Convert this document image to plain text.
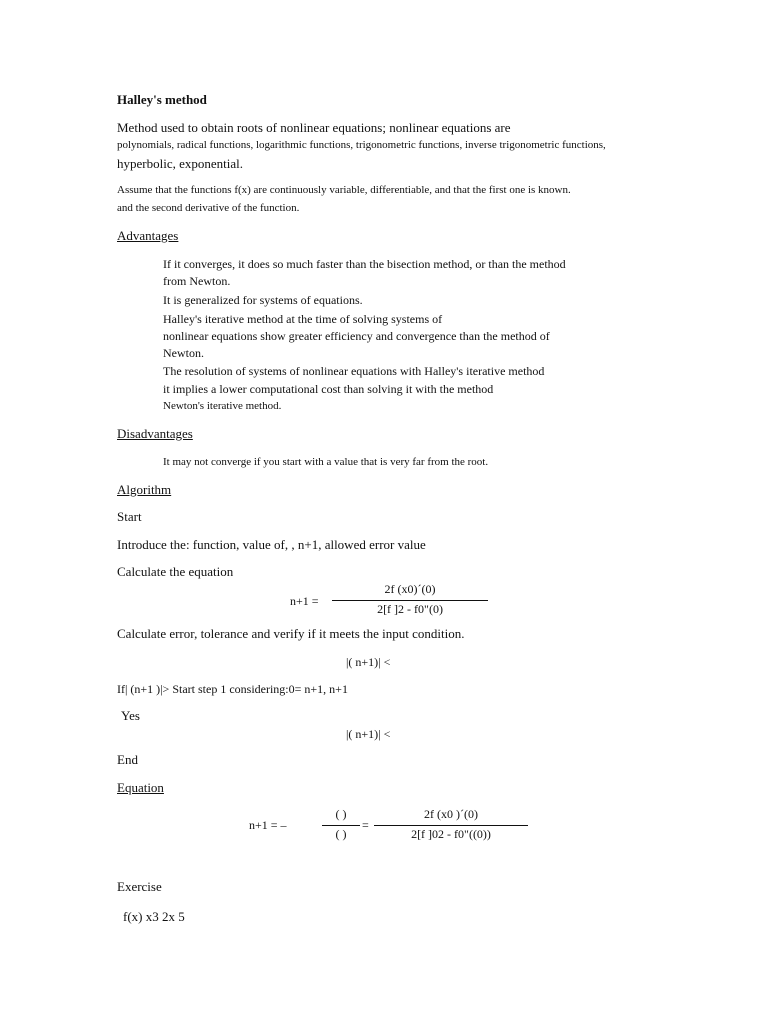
Halley's method
Method used to obtain roots of nonlinear equations; nonlinear equations are
polynomials, radical functions, logarithmic functions, trigonometric functions, inverse trigonometric functions,
hyperbolic, exponential.
Assume that the functions f(x) are continuously variable, differentiable, and that the first one is known.
and the second derivative of the function.
Advantages
If it converges, it does so much faster than the bisection method, or than the method
from Newton.
It is generalized for systems of equations.
Halley's iterative method at the time of solving systems of
nonlinear equations show greater efficiency and convergence than the method of
Newton.
The resolution of systems of nonlinear equations with Halley's iterative method
it implies a lower computational cost than solving it with the method
Newton's iterative method.
Disadvantages
It may not converge if you start with a value that is very far from the root.
Algorithm
Start
Introduce the: function, value of, , n+1, allowed error value
Calculate the equation
n+1 =
2f (x0)´(0)
2[f ]2 - f0"(0)
Calculate error, tolerance and verify if it meets the input condition.
|( n+1)| <
If| (n+1 )|> Start step 1 considering:0= n+1, n+1
Yes
|( n+1)| <
End
Equation
n+1 = –
( )
( )
=
2f (x0 )´(0)
2[f ]02 - f0"((0))
Exercise
f(x) x3 2x 5
